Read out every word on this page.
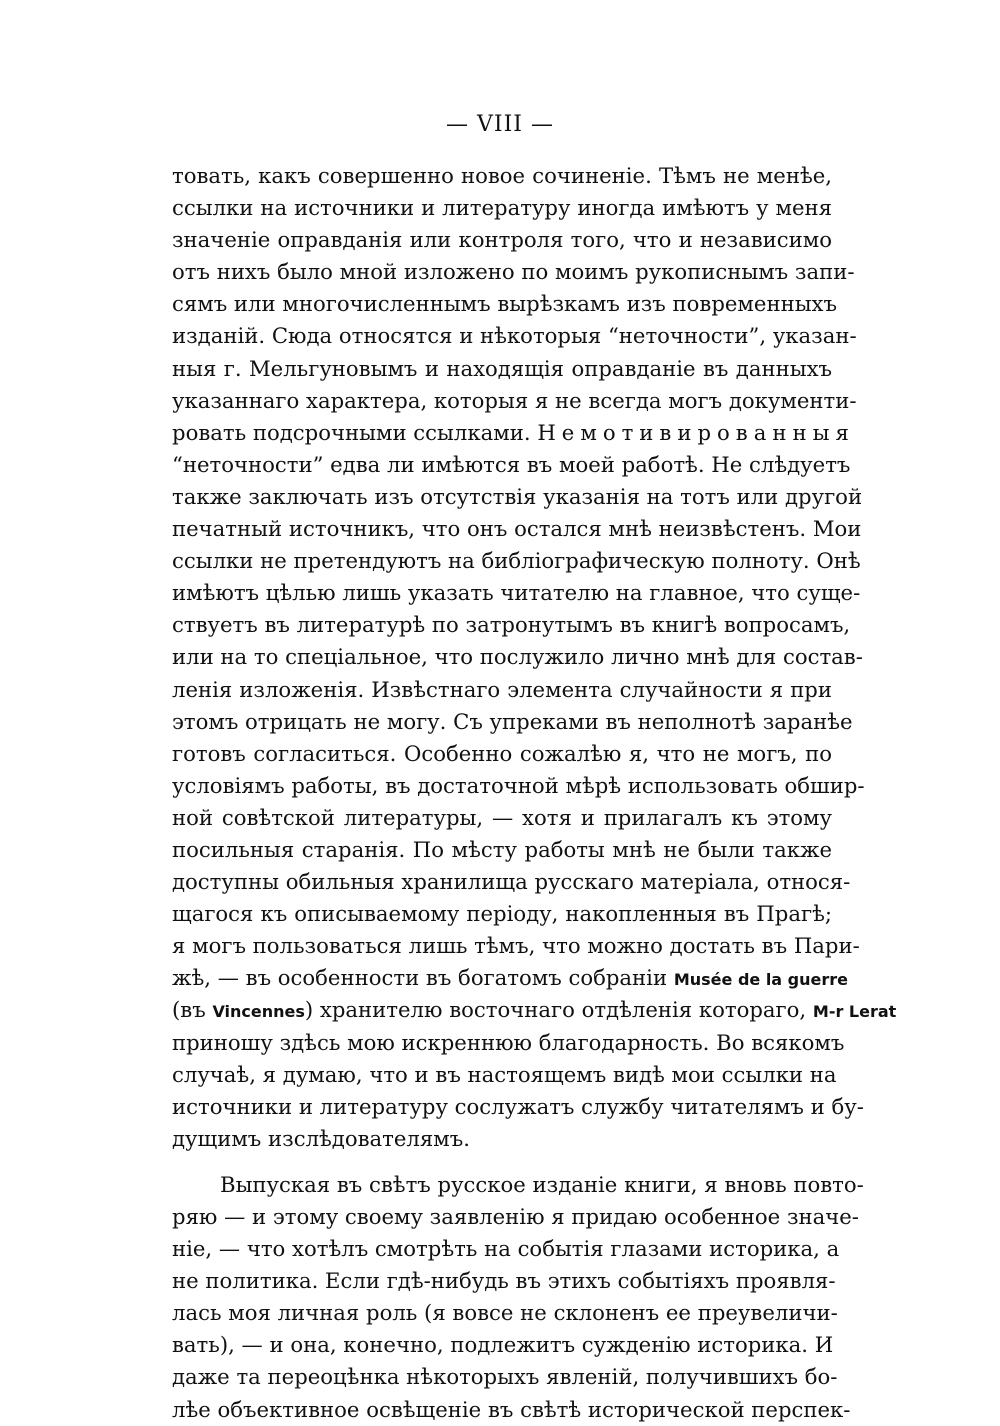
— VIII —
товать, какъ совершенно новое сочиненіе. Тѣмъ не менѣе,
ссылки на источники и литературу иногда имѣютъ у меня
значеніе оправданія или контроля того, что и независимо
отъ нихъ было мной изложено по моимъ рукописнымъ запи-
сямъ или многочисленнымъ вырѣзкамъ изъ повременныхъ
изданій. Сюда относятся и нѣкоторыя “неточности”, указан-
ныя г. Мельгуновымъ и находящія оправданіе въ данныхъ
указаннаго характера, которыя я не всегда могъ документи-
ровать подсрочными ссылками. Немотивированныя
“неточности” едва ли имѣются въ моей работѣ. Не слѣдуетъ
также заключать изъ отсутствія указанія на тотъ или другой
печатный источникъ, что онъ остался мнѣ неизвѣстенъ. Мои
ссылки не претендуютъ на библіографическую полноту. Онѣ
имѣютъ цѣлью лишь указать читателю на главное, что суще-
ствуетъ въ литературѣ по затронутымъ въ книгѣ вопросамъ,
или на то спеціальное, что послужило лично мнѣ для состав-
ленія изложенія. Извѣстнаго элемента случайности я при
этомъ отрицать не могу. Съ упреками въ неполнотѣ заранѣе
готовъ согласиться. Особенно сожалѣю я, что не могъ, по
условіямъ работы, въ достаточной мѣрѣ использовать обшир-
ной совѣтской литературы, — хотя и прилагалъ къ этому
посильныя старанія. По мѣсту работы мнѣ не были также
доступны обильныя хранилища русскаго матеріала, относя-
щагося къ описываемому періоду, накопленныя въ Прагѣ;
я могъ пользоваться лишь тѣмъ, что можно достать въ Пари-
жѣ, — въ особенности въ богатомъ собраніи Musée de la guerre
(въ Vincennes) хранителю восточнаго отдѣленія котораго, M-r Lerat
приношу здѣсь мою искреннюю благодарность. Во всякомъ
случаѣ, я думаю, что и въ настоящемъ видѣ мои ссылки на
источники и литературу сослужатъ службу читателямъ и бу-
дущимъ изслѣдователямъ.
Выпуская въ свѣтъ русское изданіе книги, я вновь повто-
ряю — и этому своему заявленію я придаю особенное значе-
ніе, — что хотѣлъ смотрѣть на событія глазами историка, а
не политика. Если гдѣ-нибудь въ этихъ событіяхъ проявля-
лась моя личная роль (я вовсе не склоненъ ее преувеличи-
вать), — и она, конечно, подлежитъ сужденію историка. И
даже та переоцѣнка нѣкоторыхъ явленій, получившихъ бо-
лѣе объективное освѣщеніе въ свѣтѣ исторической перспек-
